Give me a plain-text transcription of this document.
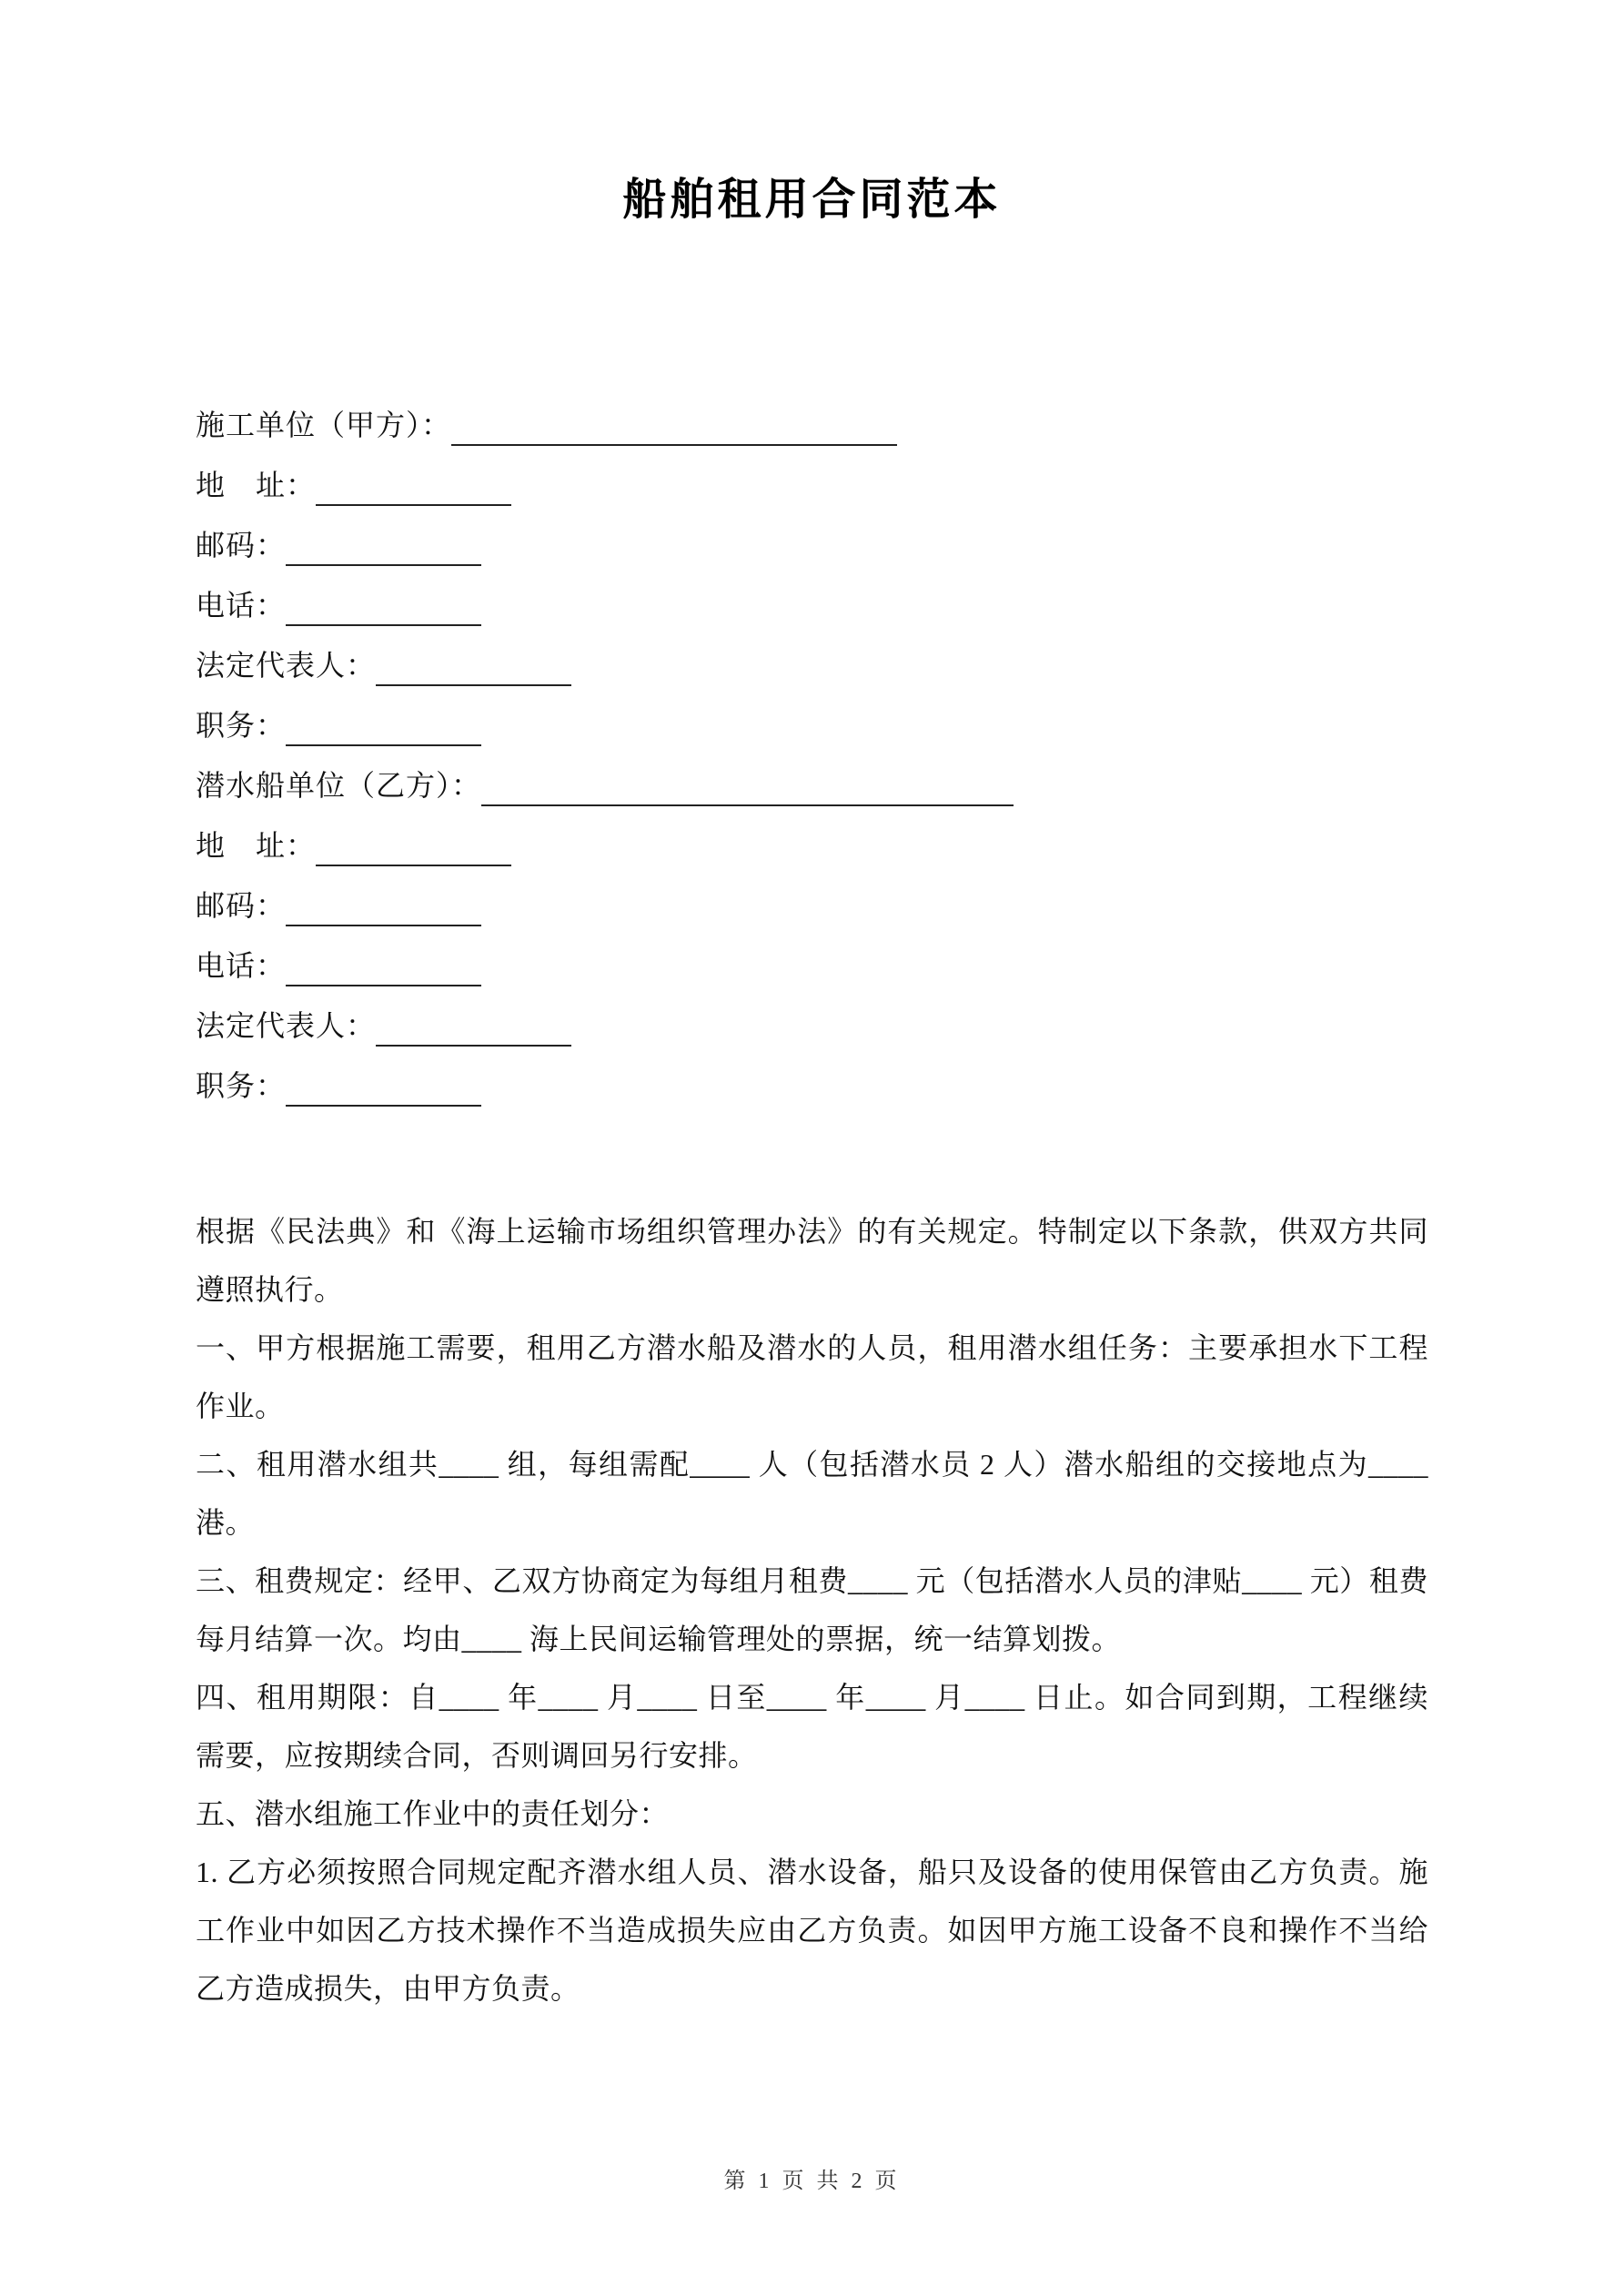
船舶租用合同范本
施工单位（甲方）：
地　址：
邮码：
电话：
法定代表人：
职务：
潜水船单位（乙方）：
地　址：
邮码：
电话：
法定代表人：
职务：

根据《民法典》和《海上运输市场组织管理办法》的有关规定。特制定以下条款，供双方共同遵照执行。

一、甲方根据施工需要，租用乙方潜水船及潜水的人员，租用潜水组任务：主要承担水下工程作业。

二、租用潜水组共____ 组，每组需配____ 人（包括潜水员 2 人）潜水船组的交接地点为____ 港。

三、租费规定：经甲、乙双方协商定为每组月租费____ 元（包括潜水人员的津贴____ 元）租费每月结算一次。均由____ 海上民间运输管理处的票据，统一结算划拨。

四、租用期限：自____ 年____ 月____ 日至____ 年____ 月____ 日止。如合同到期，工程继续需要，应按期续合同，否则调回另行安排。

五、潜水组施工作业中的责任划分：

1. 乙方必须按照合同规定配齐潜水组人员、潜水设备，船只及设备的使用保管由乙方负责。施工作业中如因乙方技术操作不当造成损失应由乙方负责。如因甲方施工设备不良和操作不当给乙方造成损失，由甲方负责。

第 1 页 共 2 页
